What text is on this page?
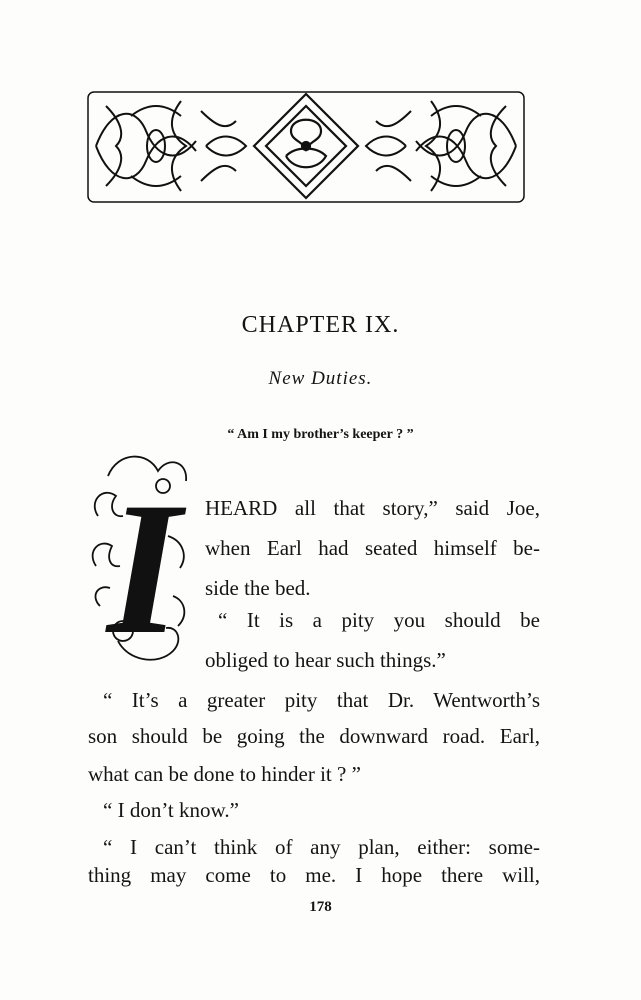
CHAPTER IX.
New Duties.
“ Am I my brother’s keeper ? ”
I HEARD all that story,” said Joe,
when Earl had seated himself be-
side the bed.
“ It is a pity you should be
obliged to hear such things.”
“ It’s a greater pity that Dr. Wentworth’s
son should be going the downward road. Earl,
what can be done to hinder it ? ”
“ I don’t know.”
“ I can’t think of any plan, either: some-
thing may come to me. I hope there will,
178
